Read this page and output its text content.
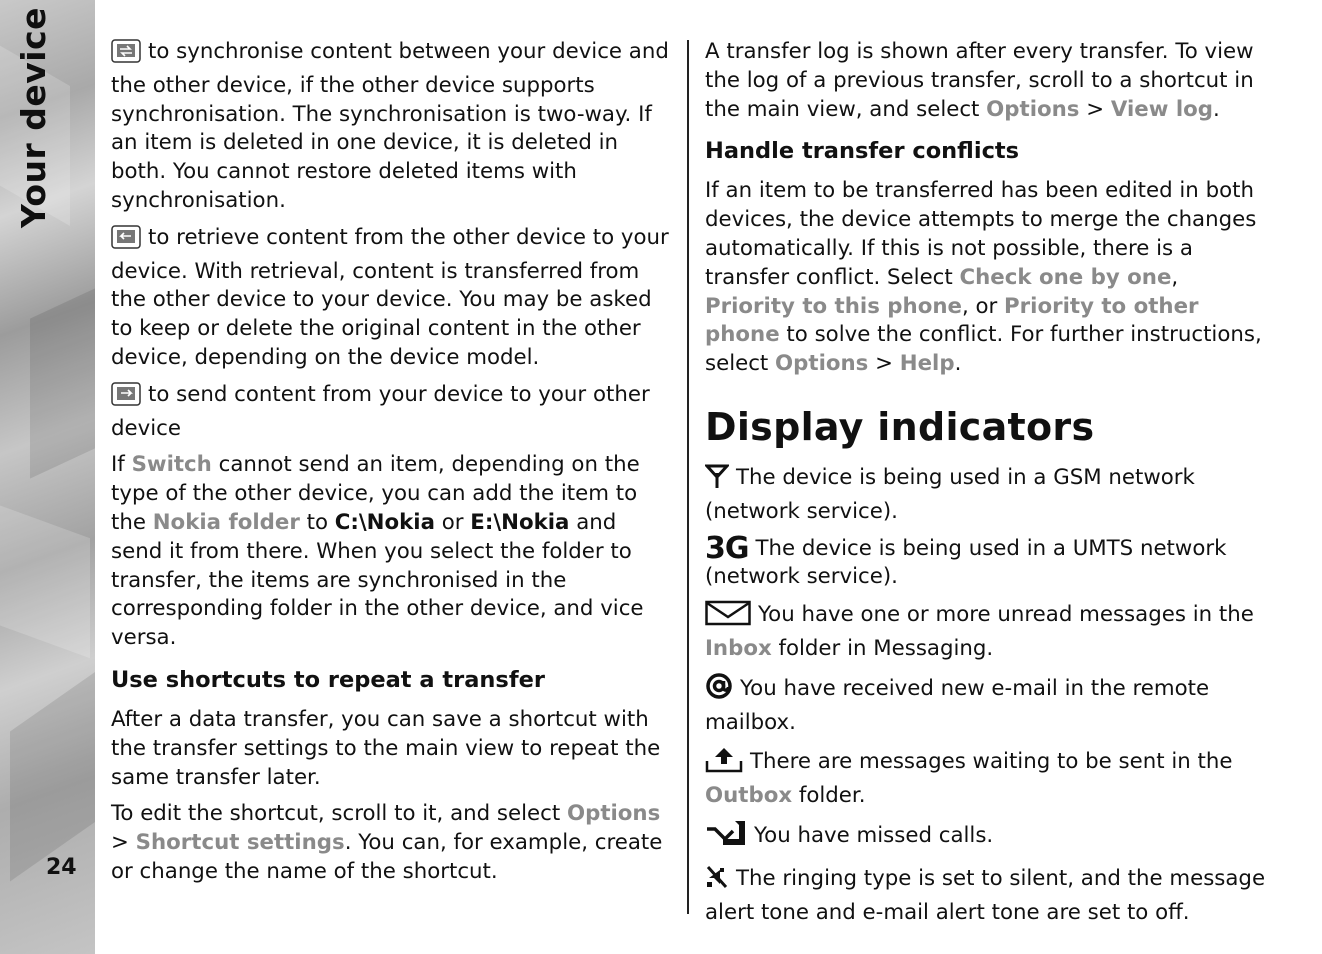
Your device
24

to synchronise content between your device and the other device, if the other device supports synchronisation. The synchronisation is two-way. If an item is deleted in one device, it is deleted in both. You cannot restore deleted items with synchronisation.

to retrieve content from the other device to your device. With retrieval, content is transferred from the other device to your device. You may be asked to keep or delete the original content in the other device, depending on the device model.

to send content from your device to your other device

If Switch cannot send an item, depending on the type of the other device, you can add the item to the Nokia folder to C:\Nokia or E:\Nokia and send it from there. When you select the folder to transfer, the items are synchronised in the corresponding folder in the other device, and vice versa.

Use shortcuts to repeat a transfer

After a data transfer, you can save a shortcut with the transfer settings to the main view to repeat the same transfer later.

To edit the shortcut, scroll to it, and select Options > Shortcut settings. You can, for example, create or change the name of the shortcut.

A transfer log is shown after every transfer. To view the log of a previous transfer, scroll to a shortcut in the main view, and select Options > View log.

Handle transfer conflicts

If an item to be transferred has been edited in both devices, the device attempts to merge the changes automatically. If this is not possible, there is a transfer conflict. Select Check one by one, Priority to this phone, or Priority to other phone to solve the conflict. For further instructions, select Options > Help.

Display indicators

The device is being used in a GSM network (network service).

3G The device is being used in a UMTS network (network service).

You have one or more unread messages in the Inbox folder in Messaging.

You have received new e-mail in the remote mailbox.

There are messages waiting to be sent in the Outbox folder.

You have missed calls.

The ringing type is set to silent, and the message alert tone and e-mail alert tone are set to off.
